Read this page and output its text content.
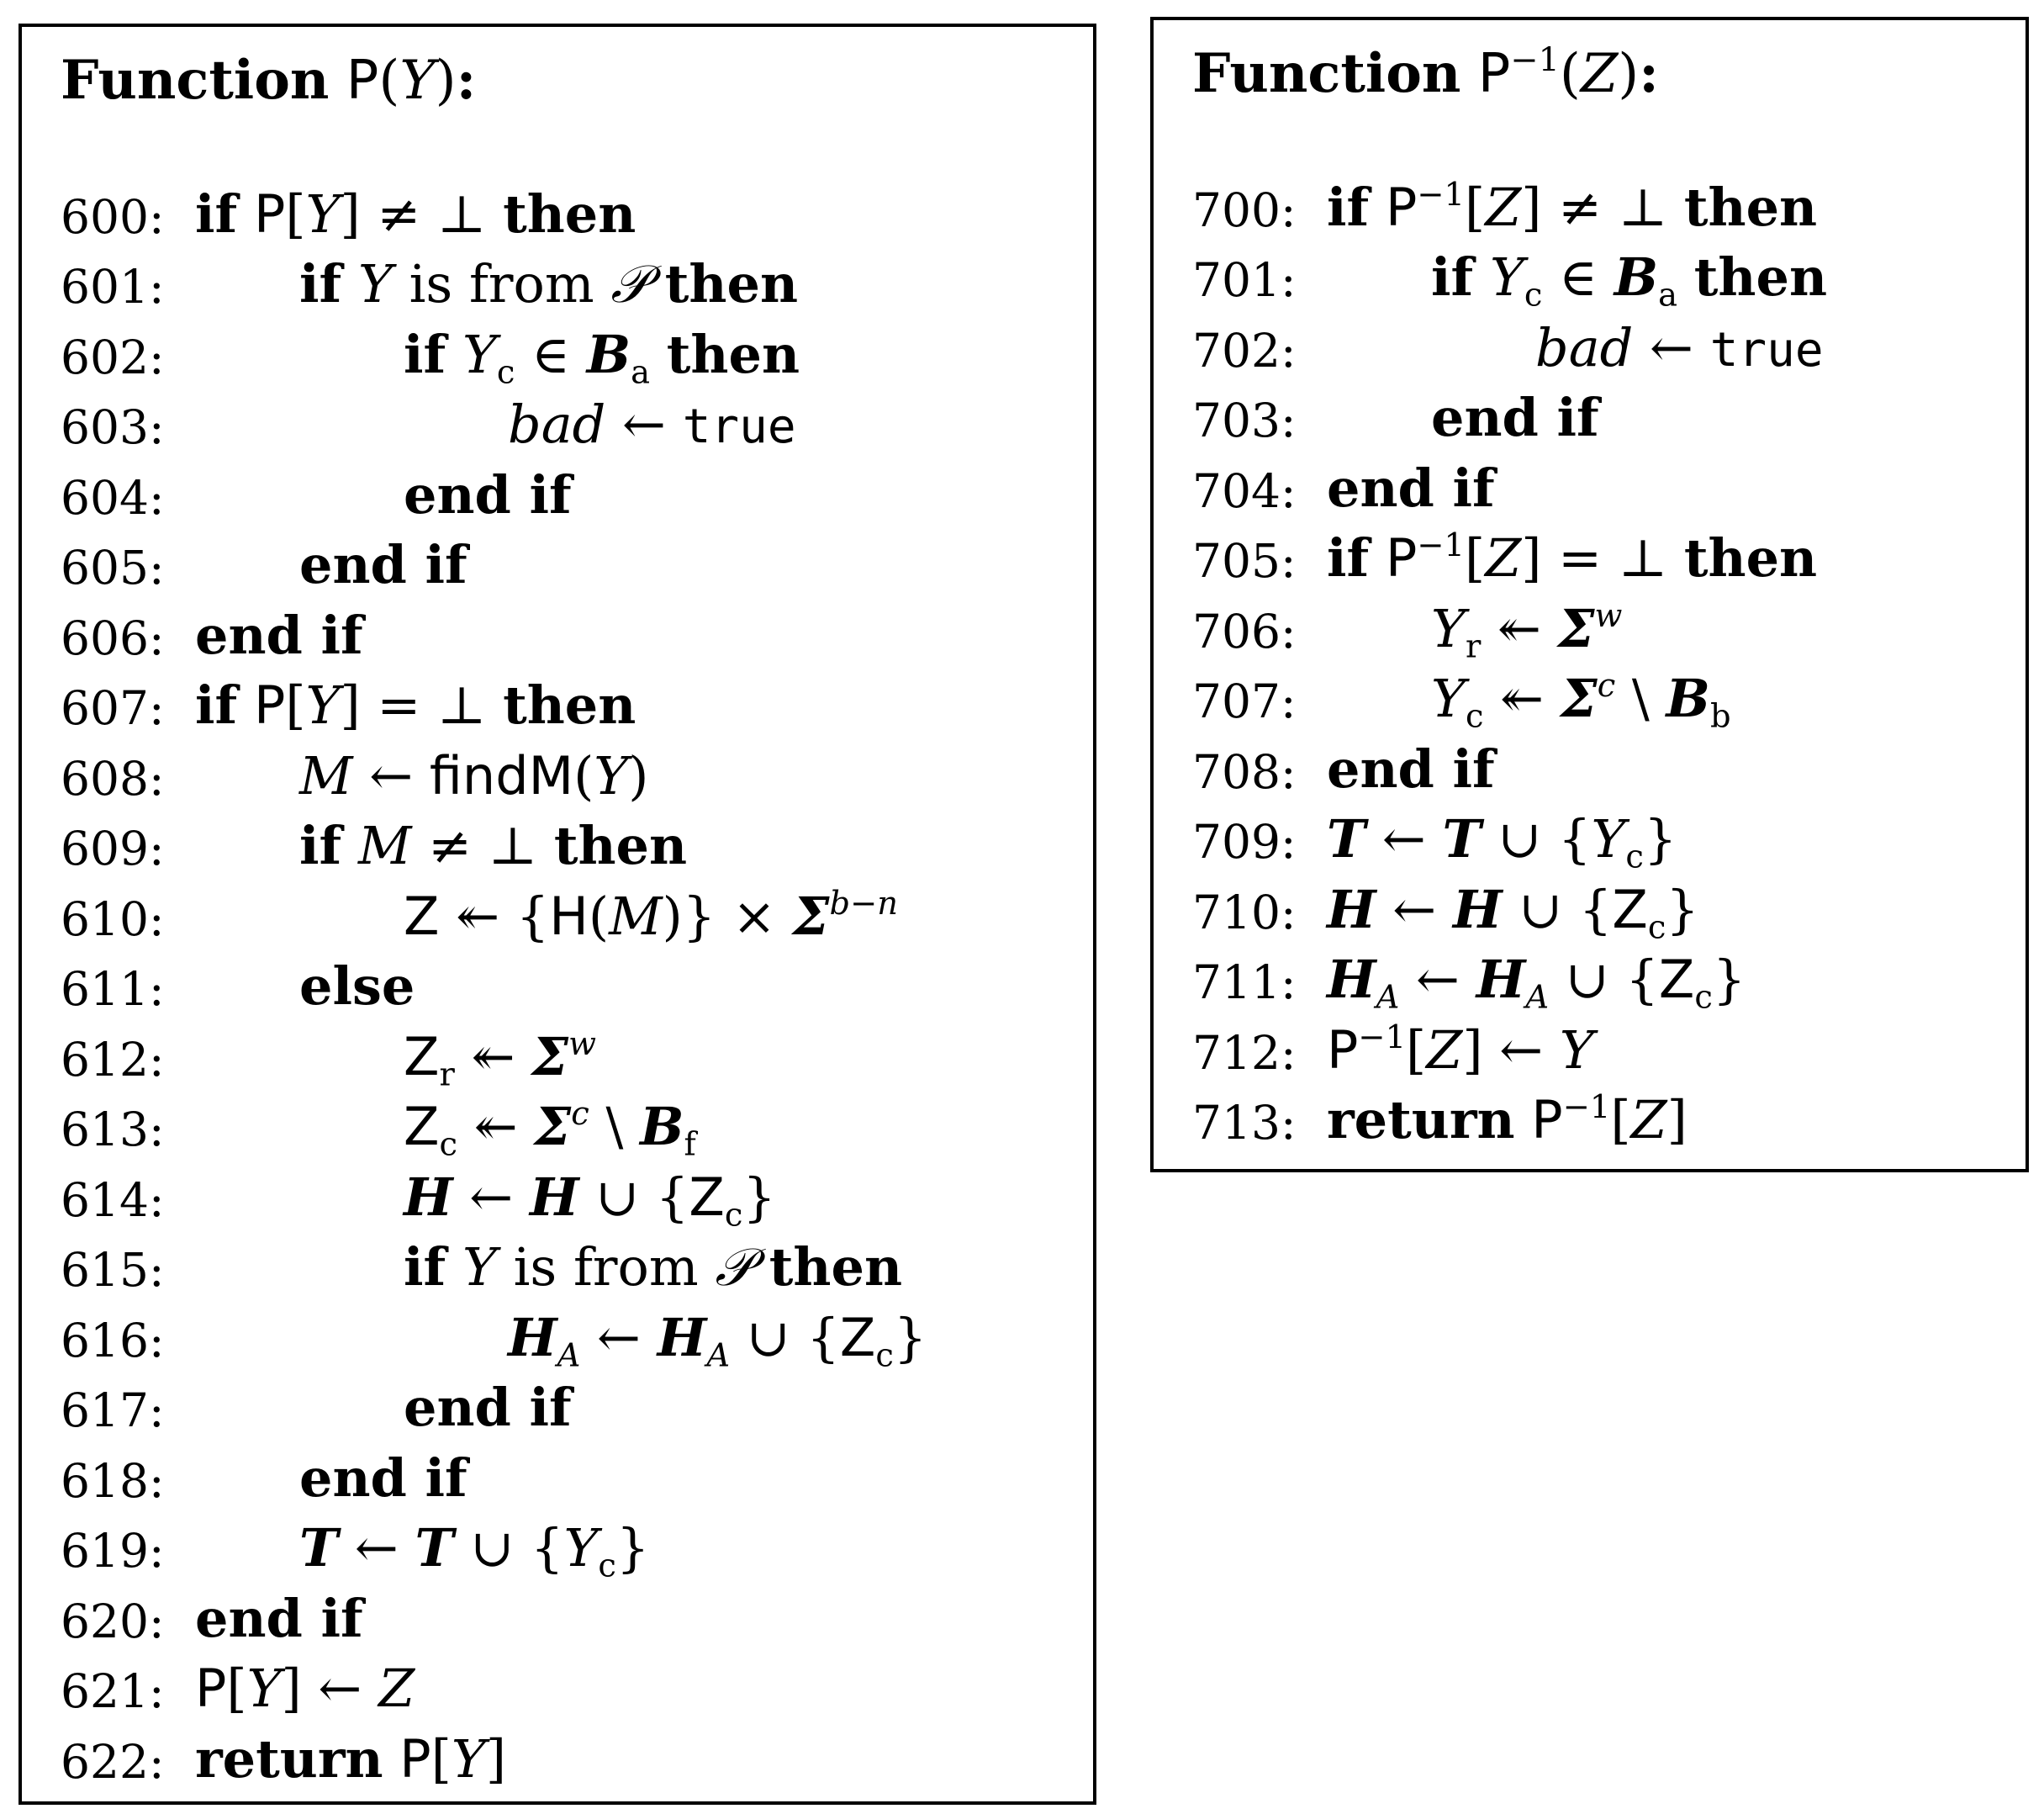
Function P(Y):
600: if P[Y] ≠ ⊥ then
601:	if Y is from 𝒫 then
602:	if $Y_c$ ∈ $B_a$ then
603:	bad ← true
604:	end if
605:	end if
606: end if
607: if P[Y] = ⊥ then
608:	M ← findM(Y)
609:	if M ≠ ⊥ then
610:	Z ↞ $\{H(M)\} \times \Sigma^{b-n}$
611:	else
612:	$Z_r$ ↞ $\Sigma^w$
613:	$Z_c$ ↞ $\Sigma^c$ \ $B_f$
614:	H ← H ∪ $\{Z_c\}$
615:	if Y is from 𝒫 then
616:	$H_A$ ← $H_A$ ∪ $\{Z_c\}$
617:	end if
618:	end if
619:	T ← T ∪ $\{Y_c\}$
620: end if
621: P[Y] ← Z
622: return P[Y]
Function $P^{-1}(Z)$:
700: if $P^{-1}[Z]$ ≠ ⊥ then
701:	if $Y_c$ ∈ $B_a$ then
702:	bad ← true
703:	end if
704: end if
705: if $P^{-1}[Z]$ = ⊥ then
706:	$Y_r$ ↞ $\Sigma^w$
707:	$Y_c$ ↞ $\Sigma^c$ \ $B_b$
708: end if
709: T ← T ∪ $\{Y_c\}$
710: H ← H ∪ $\{Z_c\}$
711: $H_A$ ← $H_A$ ∪ $\{Z_c\}$
712: $P^{-1}[Z]$ ← Y
713: return $P^{-1}[Z]$
